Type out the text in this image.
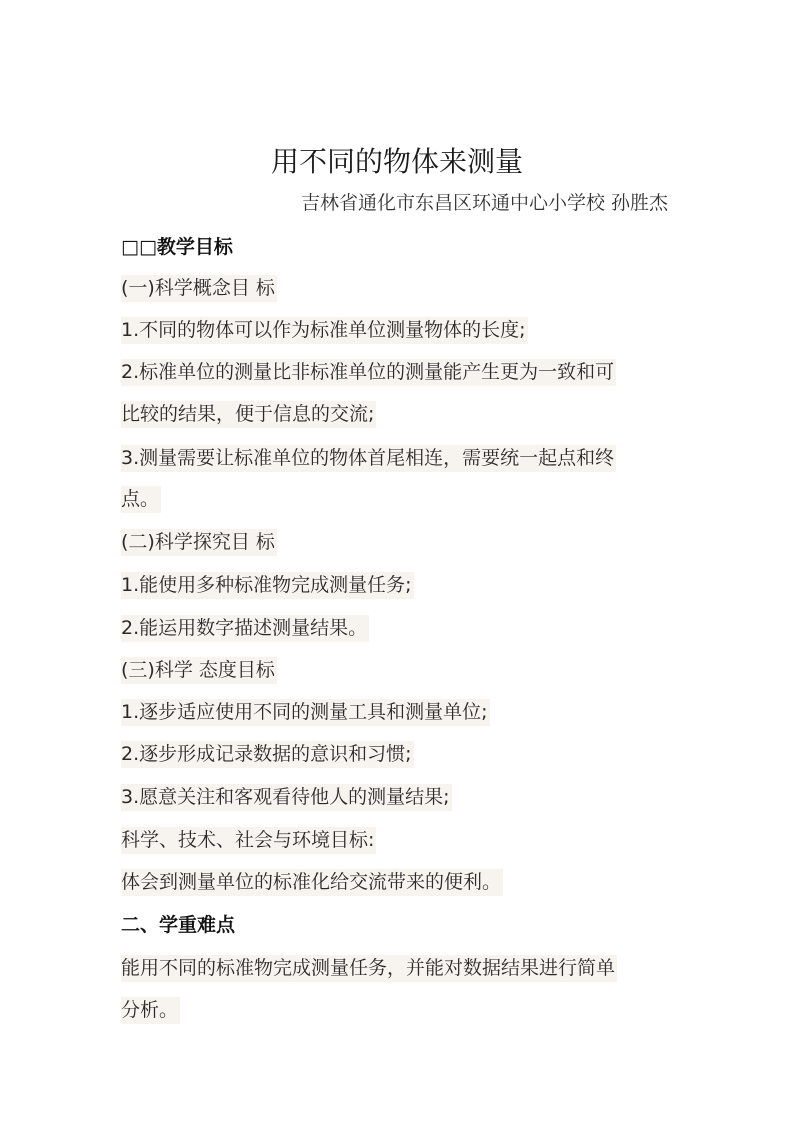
用不同的物体来测量
吉林省通化市东昌区环通中心小学校 孙胜杰
□□教学目标
(一)科学概念目 标
1.不同的物体可以作为标准单位测量物体的长度;
2.标准单位的测量比非标准单位的测量能产生更为一致和可
比较的结果，便于信息的交流;
3.测量需要让标准单位的物体首尾相连，需要统一起点和终
点。
(二)科学探究目 标
1.能使用多种标准物完成测量任务;
2.能运用数字描述测量结果。
(三)科学 态度目标
1.逐步适应使用不同的测量工具和测量单位;
2.逐步形成记录数据的意识和习惯;
3.愿意关注和客观看待他人的测量结果;
科学、技术、社会与环境目标:
体会到测量单位的标准化给交流带来的便利。
二、学重难点
能用不同的标准物完成测量任务，并能对数据结果进行简单
分析。
